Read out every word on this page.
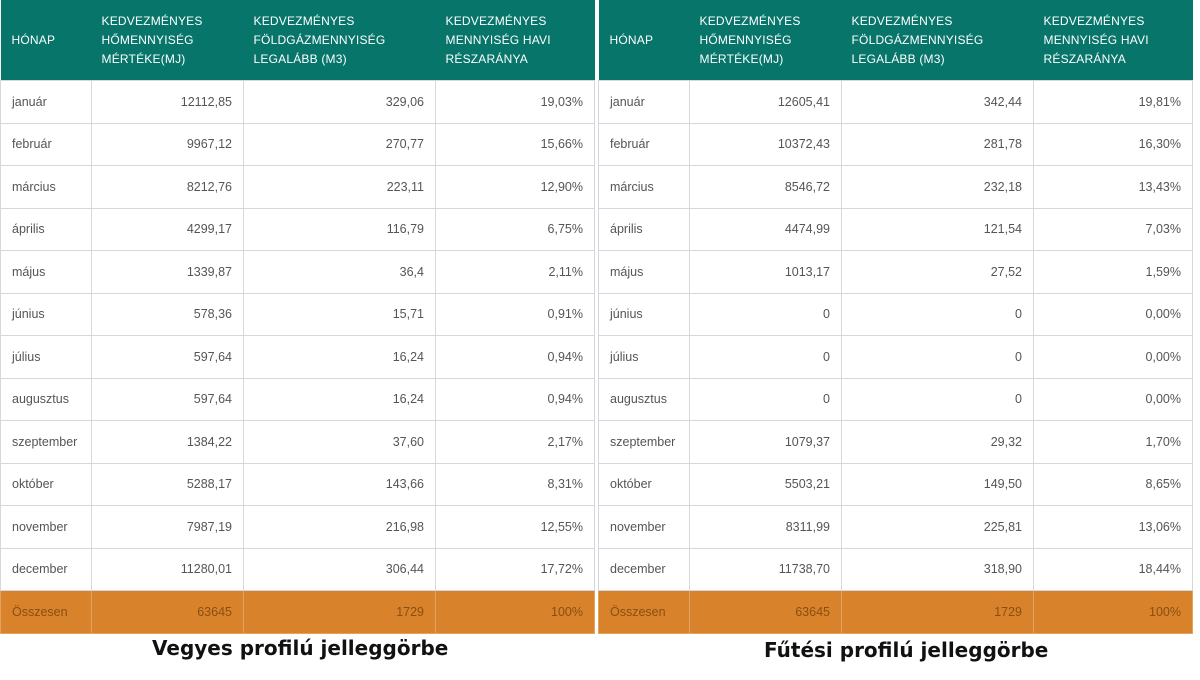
HÓNAP	KEDVEZMÉNYES HŐMENNYISÉG MÉRTÉKE(MJ)	KEDVEZMÉNYES FÖLDGÁZMENNYISÉG LEGALÁBB (M3)	KEDVEZMÉNYES MENNYISÉG HAVI RÉSZARÁNYA
január	12112,85	329,06	19,03%
február	9967,12	270,77	15,66%
március	8212,76	223,11	12,90%
április	4299,17	116,79	6,75%
május	1339,87	36,4	2,11%
június	578,36	15,71	0,91%
július	597,64	16,24	0,94%
augusztus	597,64	16,24	0,94%
szeptember	1384,22	37,60	2,17%
október	5288,17	143,66	8,31%
november	7987,19	216,98	12,55%
december	11280,01	306,44	17,72%
Összesen	63645	1729	100%
HÓNAP	KEDVEZMÉNYES HŐMENNYISÉG MÉRTÉKE(MJ)	KEDVEZMÉNYES FÖLDGÁZMENNYISÉG LEGALÁBB (M3)	KEDVEZMÉNYES MENNYISÉG HAVI RÉSZARÁNYA
január	12605,41	342,44	19,81%
február	10372,43	281,78	16,30%
március	8546,72	232,18	13,43%
április	4474,99	121,54	7,03%
május	1013,17	27,52	1,59%
június	0	0	0,00%
július	0	0	0,00%
augusztus	0	0	0,00%
szeptember	1079,37	29,32	1,70%
október	5503,21	149,50	8,65%
november	8311,99	225,81	13,06%
december	11738,70	318,90	18,44%
Összesen	63645	1729	100%
Vegyes profilú jelleggörbe	Fűtési profilú jelleggörbe
